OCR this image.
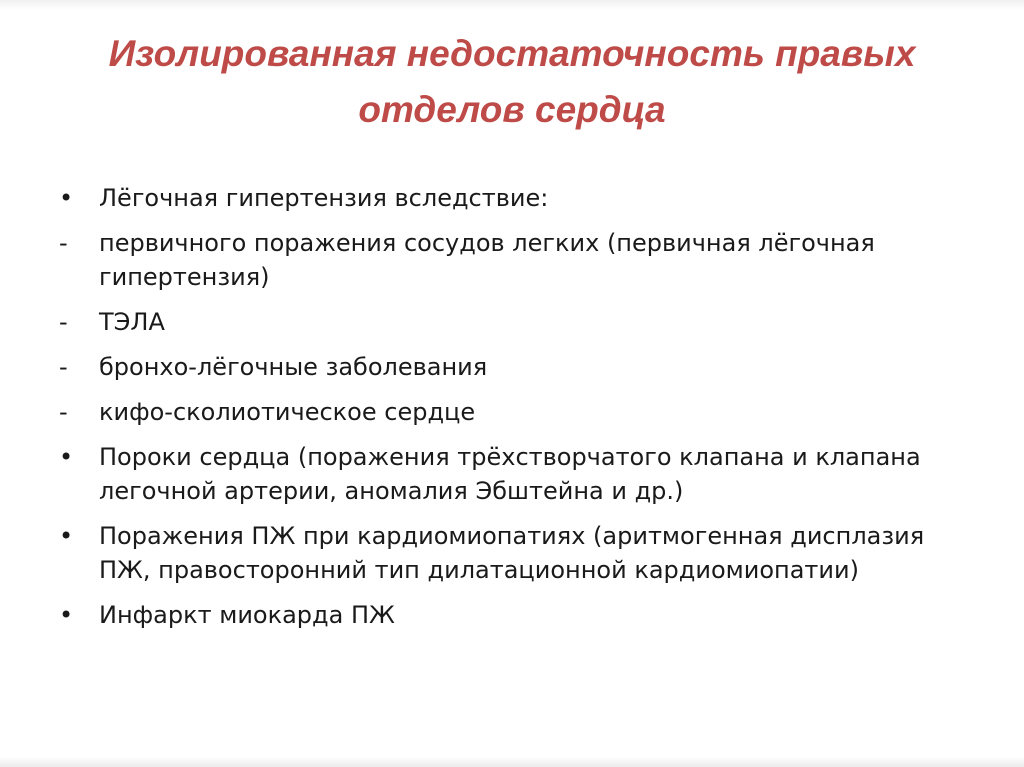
Изолированная недостаточность правых отделов сердца
•	Лёгочная гипертензия вследствие:
-	первичного поражения сосудов легких (первичная лёгочная гипертензия)
-	ТЭЛА
-	бронхо-лёгочные заболевания
-	кифо-сколиотическое сердце
•	Пороки сердца (поражения трёхстворчатого клапана и клапана легочной артерии, аномалия Эбштейна и др.)
•	Поражения ПЖ при кардиомиопатиях (аритмогенная дисплазия ПЖ, правосторонний тип дилатационной кардиомиопатии)
•	Инфаркт миокарда ПЖ
